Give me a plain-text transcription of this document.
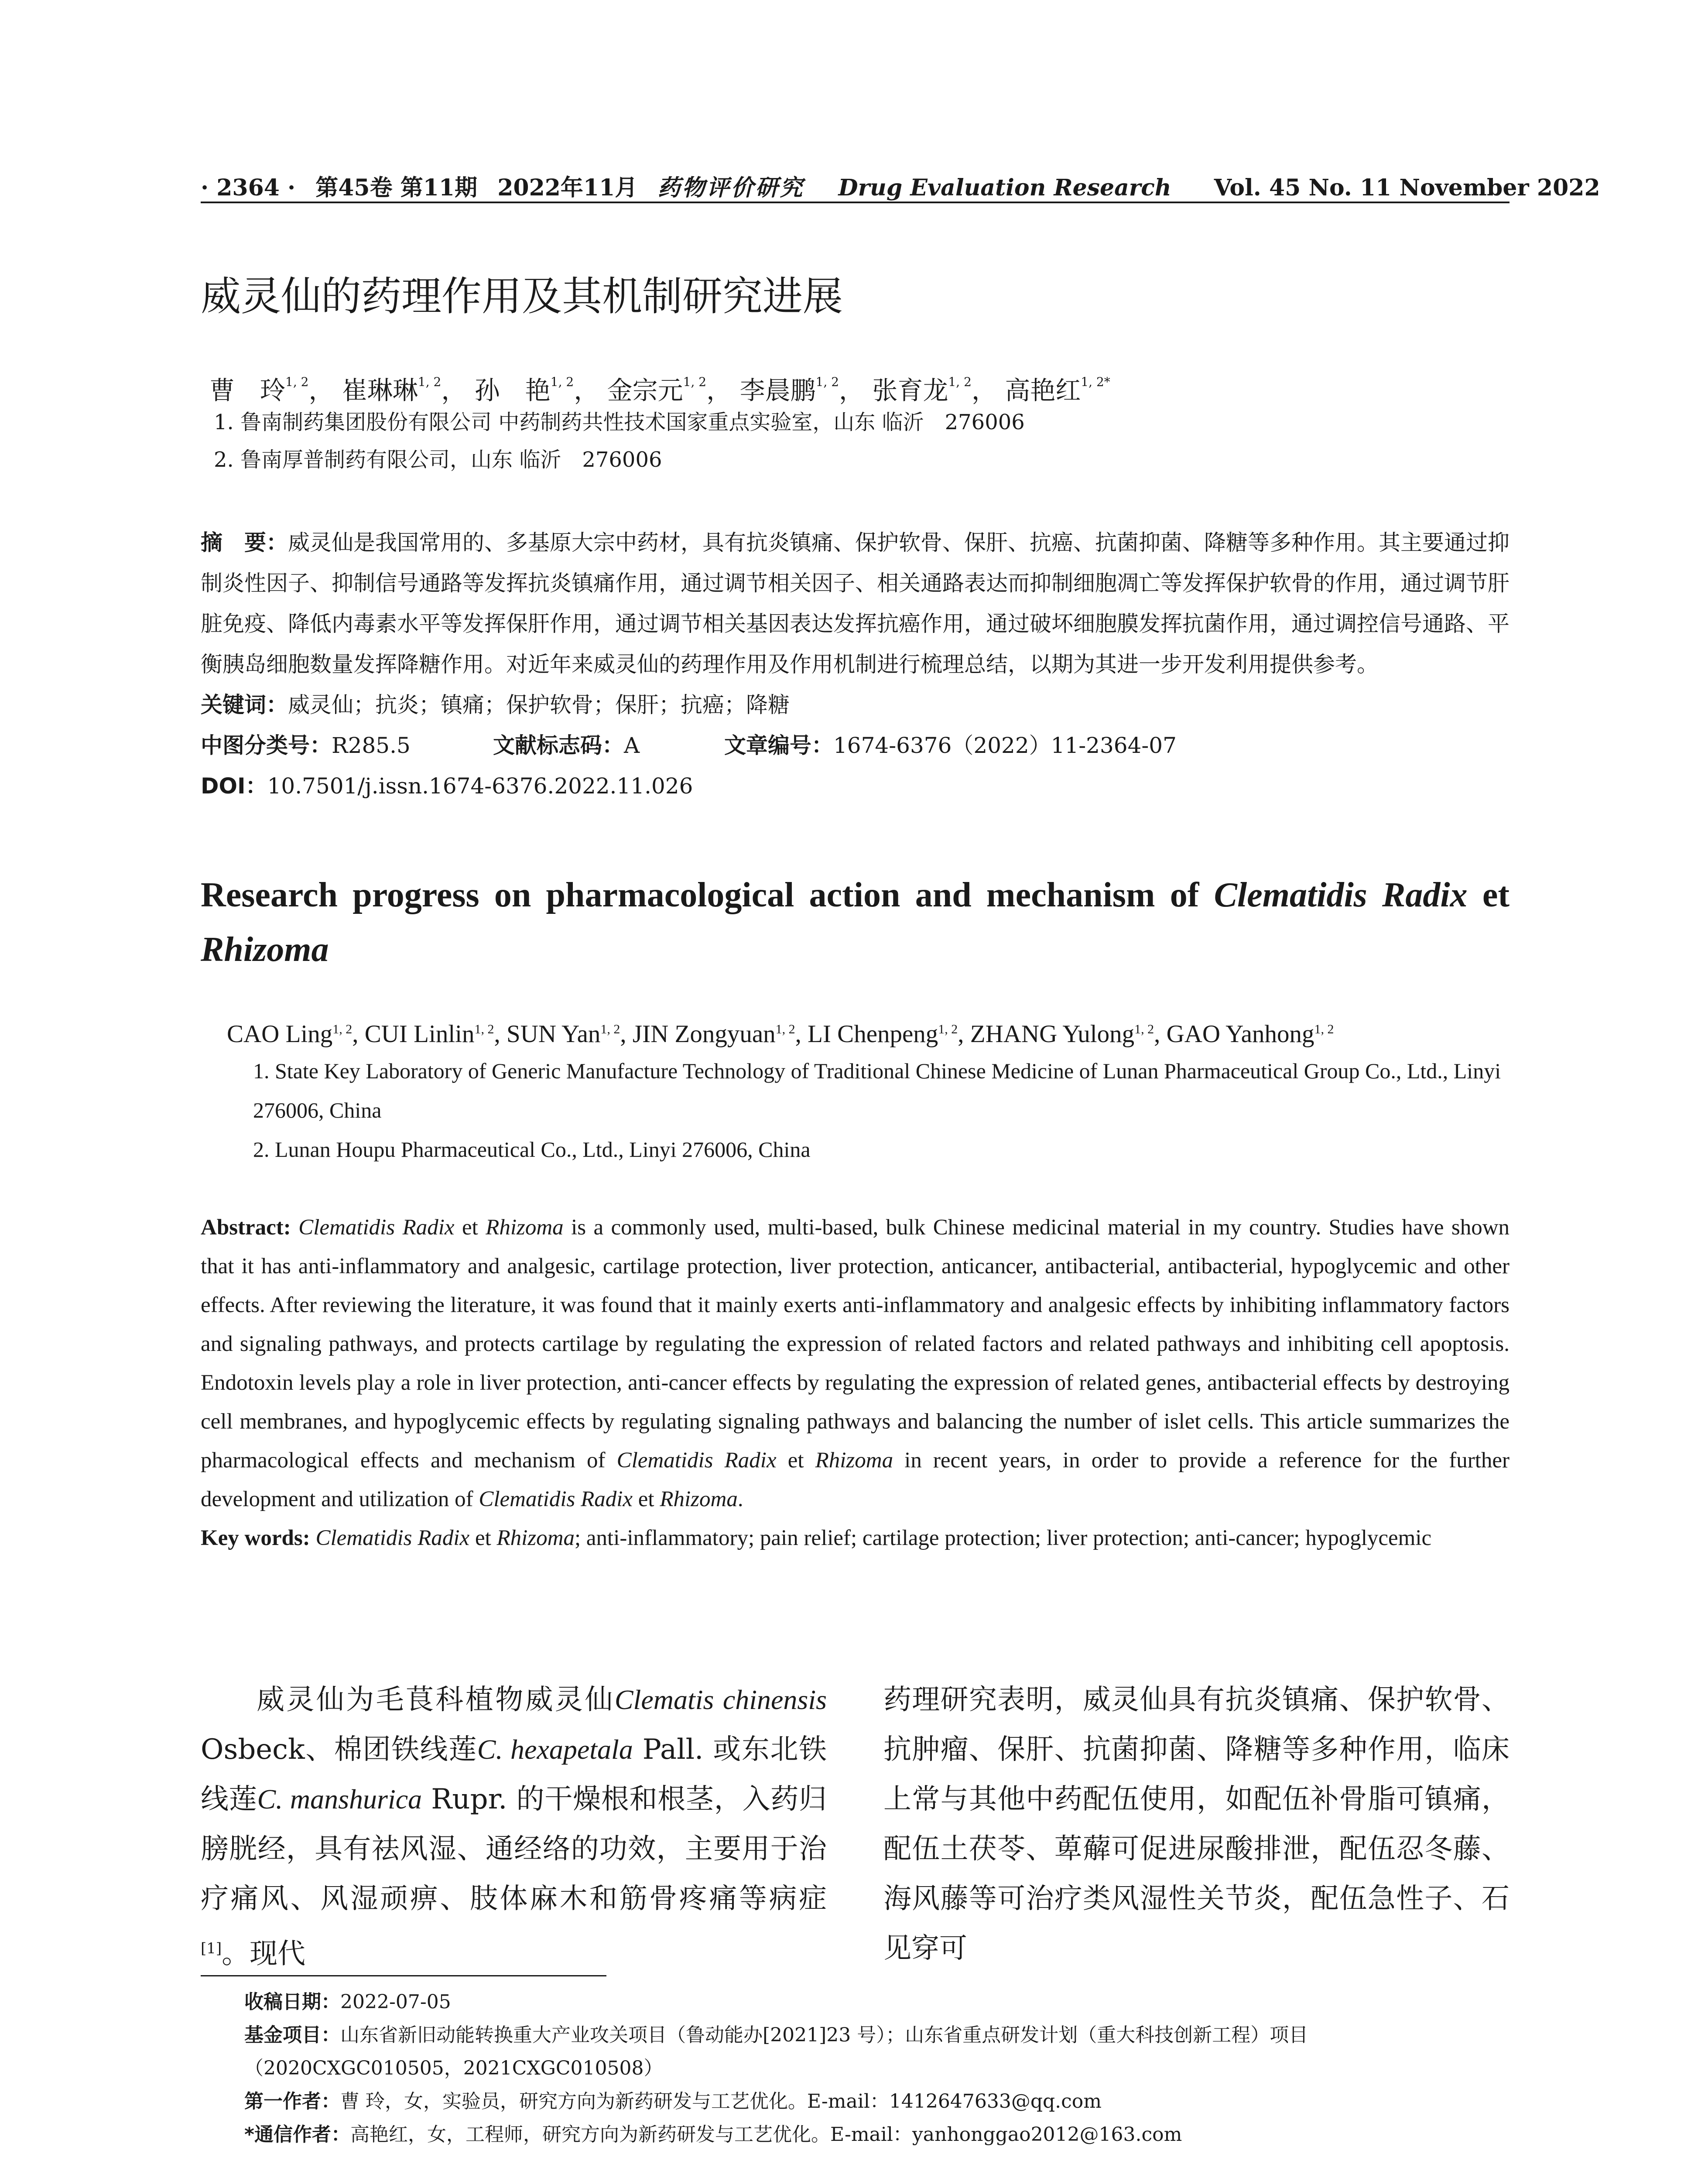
· 2364 · 第45卷 第11期 2022年11月 药物评价研究 Drug Evaluation Research Vol. 45 No. 11 November 2022
威灵仙的药理作用及其机制研究进展
曹　玲$^{1, 2}$， 崔琳琳$^{1, 2}$， 孙　艳$^{1, 2}$， 金宗元$^{1, 2}$， 李晨鹏$^{1, 2}$， 张育龙$^{1, 2}$， 高艳红$^{1, 2*}$
1. 鲁南制药集团股份有限公司 中药制药共性技术国家重点实验室，山东 临沂　276006
2. 鲁南厚普制药有限公司，山东 临沂　276006
摘　要：威灵仙是我国常用的、多基原大宗中药材，具有抗炎镇痛、保护软骨、保肝、抗癌、抗菌抑菌、降糖等多种作用。其主要通过抑制炎性因子、抑制信号通路等发挥抗炎镇痛作用，通过调节相关因子、相关通路表达而抑制细胞凋亡等发挥保护软骨的作用，通过调节肝脏免疫、降低内毒素水平等发挥保肝作用，通过调节相关基因表达发挥抗癌作用，通过破坏细胞膜发挥抗菌作用，通过调控信号通路、平衡胰岛细胞数量发挥降糖作用。对近年来威灵仙的药理作用及作用机制进行梳理总结，以期为其进一步开发利用提供参考。
关键词：威灵仙；抗炎；镇痛；保护软骨；保肝；抗癌；降糖
中图分类号：R285.5	文献标志码：A	文章编号：1674-6376（2022）11-2364-07
DOI：10.7501/j.issn.1674-6376.2022.11.026
Research progress on pharmacological action and mechanism of Clematidis Radix et Rhizoma
CAO Ling$^{1, 2}$, CUI Linlin$^{1, 2}$, SUN Yan$^{1, 2}$, JIN Zongyuan$^{1, 2}$, LI Chenpeng$^{1, 2}$, ZHANG Yulong$^{1, 2}$, GAO Yanhong$^{1, 2}$
1. State Key Laboratory of Generic Manufacture Technology of Traditional Chinese Medicine of Lunan Pharmaceutical Group Co., Ltd., Linyi 276006, China
2. Lunan Houpu Pharmaceutical Co., Ltd., Linyi 276006, China
Abstract: Clematidis Radix et Rhizoma is a commonly used, multi-based, bulk Chinese medicinal material in my country. Studies have shown that it has anti-inflammatory and analgesic, cartilage protection, liver protection, anticancer, antibacterial, antibacterial, hypoglycemic and other effects. After reviewing the literature, it was found that it mainly exerts anti-inflammatory and analgesic effects by inhibiting inflammatory factors and signaling pathways, and protects cartilage by regulating the expression of related factors and related pathways and inhibiting cell apoptosis. Endotoxin levels play a role in liver protection, anti-cancer effects by regulating the expression of related genes, antibacterial effects by destroying cell membranes, and hypoglycemic effects by regulating signaling pathways and balancing the number of islet cells. This article summarizes the pharmacological effects and mechanism of Clematidis Radix et Rhizoma in recent years, in order to provide a reference for the further development and utilization of Clematidis Radix et Rhizoma.
Key words: Clematidis Radix et Rhizoma; anti-inflammatory; pain relief; cartilage protection; liver protection; anti-cancer; hypoglycemic
威灵仙为毛茛科植物威灵仙Clematis chinensis Osbeck、棉团铁线莲C. hexapetala Pall. 或东北铁线莲C. manshurica Rupr. 的干燥根和根茎，入药归膀胱经，具有祛风湿、通经络的功效，主要用于治疗痛风、风湿顽痹、肢体麻木和筋骨疼痛等病症[1]。现代
药理研究表明，威灵仙具有抗炎镇痛、保护软骨、抗肿瘤、保肝、抗菌抑菌、降糖等多种作用，临床上常与其他中药配伍使用，如配伍补骨脂可镇痛，配伍土茯苓、萆薢可促进尿酸排泄，配伍忍冬藤、海风藤等可治疗类风湿性关节炎，配伍急性子、石见穿可
收稿日期：2022-07-05
基金项目：山东省新旧动能转换重大产业攻关项目（鲁动能办[2021]23 号）；山东省重点研发计划（重大科技创新工程）项目（2020CXGC010505，2021CXGC010508）
第一作者：曹 玲，女，实验员，研究方向为新药研发与工艺优化。E-mail：1412647633@qq.com
*通信作者：高艳红，女，工程师，研究方向为新药研发与工艺优化。E-mail：yanhonggao2012@163.com
